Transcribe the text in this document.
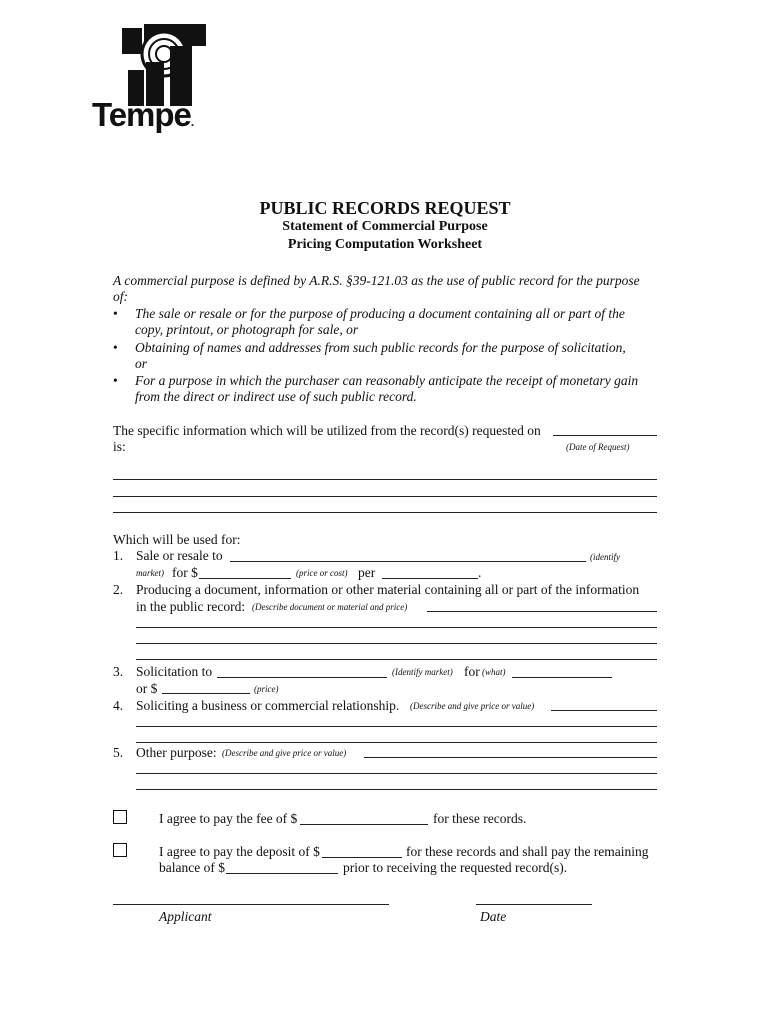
Tempe.
PUBLIC RECORDS REQUEST
Statement of Commercial Purpose
Pricing Computation Worksheet
A commercial purpose is defined by A.R.S. §39-121.03 as the use of public record for the purpose
of:
• The sale or resale or for the purpose of producing a document containing all or part of the
copy, printout, or photograph for sale, or
• Obtaining of names and addresses from such public records for the purpose of solicitation,
or
• For a purpose in which the purchaser can reasonably anticipate the receipt of monetary gain
from the direct or indirect use of such public record.
The specific information which will be utilized from the record(s) requested on
is:	(Date of Request)
Which will be used for:
1. Sale or resale to	(identify
market) for $	(price or cost) per	.
2. Producing a document, information or other material containing all or part of the information
in the public record: (Describe document or material and price)
3. Solicitation to	(Identify market) for (what)
or $	(price)
4. Soliciting a business or commercial relationship. (Describe and give price or value)
5. Other purpose: (Describe and give price or value)
I agree to pay the fee of $	for these records.
I agree to pay the deposit of $	for these records and shall pay the remaining
balance of $	prior to receiving the requested record(s).
Applicant	Date
